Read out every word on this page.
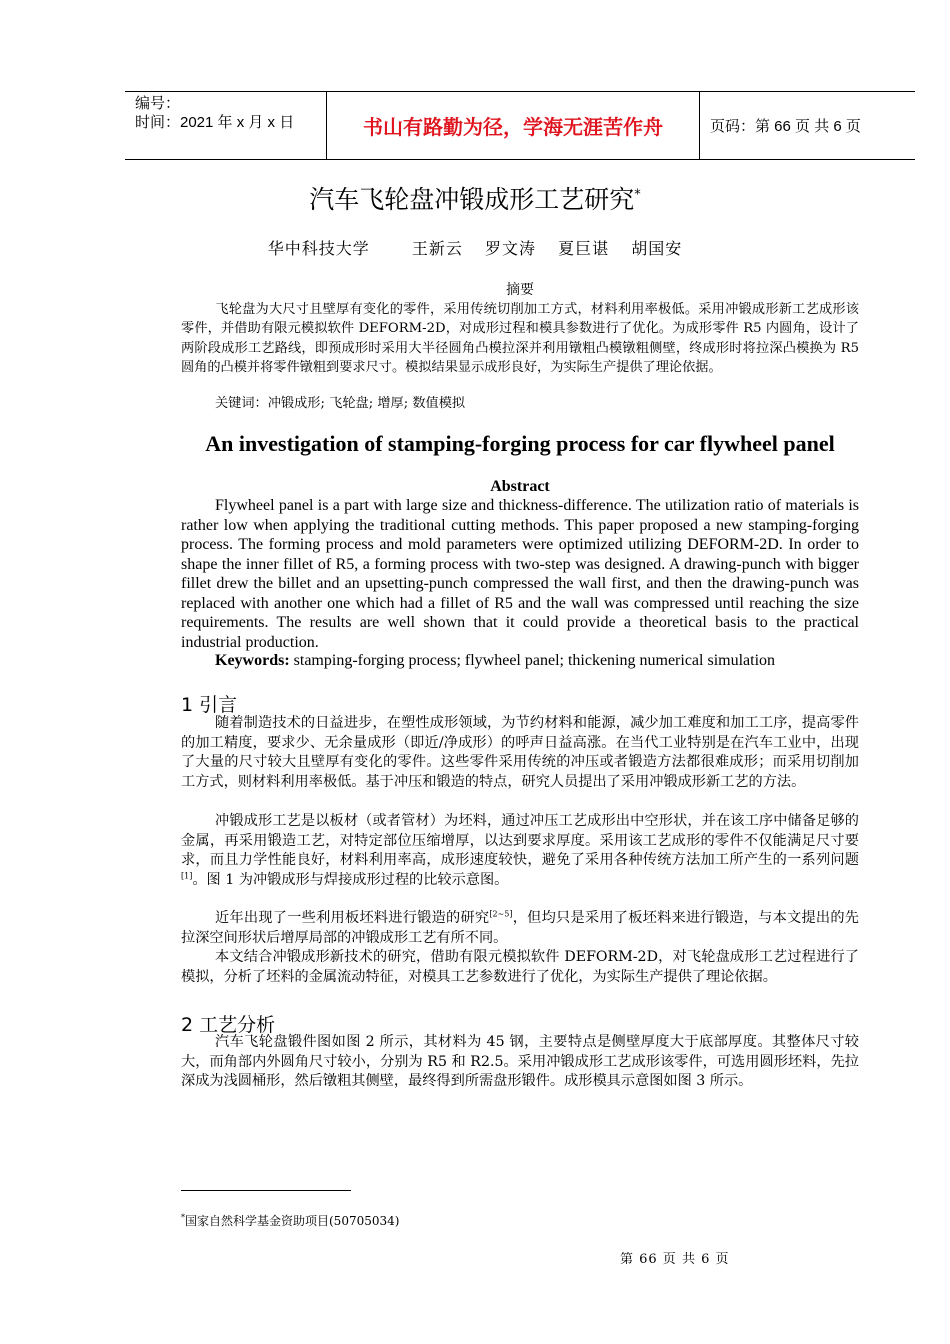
编号：
时间：2021 年 x 月 x 日	书山有路勤为径，学海无涯苦作舟	页码：第 66 页 共 6 页
汽车飞轮盘冲锻成形工艺研究*
华中科技大学	王新云 罗文涛 夏巨谌 胡国安
摘要

飞轮盘为大尺寸且壁厚有变化的零件，采用传统切削加工方式，材料利用率极低。采用冲锻成形新工艺成形该零件，并借助有限元模拟软件 DEFORM-2D，对成形过程和模具参数进行了优化。为成形零件 R5 内圆角，设计了两阶段成形工艺路线，即预成形时采用大半径圆角凸模拉深并利用镦粗凸模镦粗侧壁，终成形时将拉深凸模换为 R5 圆角的凸模并将零件镦粗到要求尺寸。模拟结果显示成形良好，为实际生产提供了理论依据。

关键词：冲锻成形; 飞轮盘; 增厚; 数值模拟
An investigation of stamping-forging process for car flywheel panel
Abstract

Flywheel panel is a part with large size and thickness-difference. The utilization ratio of materials is rather low when applying the traditional cutting methods. This paper proposed a new stamping-forging process. The forming process and mold parameters were optimized utilizing DEFORM-2D. In order to shape the inner fillet of R5, a forming process with two-step was designed. A drawing-punch with bigger fillet drew the billet and an upsetting-punch compressed the wall first, and then the drawing-punch was replaced with another one which had a fillet of R5 and the wall was compressed until reaching the size requirements. The results are well shown that it could provide a theoretical basis to the practical industrial production.

Keywords: stamping-forging process; flywheel panel; thickening numerical simulation
1 引言

随着制造技术的日益进步，在塑性成形领域，为节约材料和能源，减少加工难度和加工工序，提高零件的加工精度，要求少、无余量成形（即近/净成形）的呼声日益高涨。在当代工业特别是在汽车工业中，出现了大量的尺寸较大且壁厚有变化的零件。这些零件采用传统的冲压或者锻造方法都很难成形；而采用切削加工方式，则材料利用率极低。基于冲压和锻造的特点，研究人员提出了采用冲锻成形新工艺的方法。

冲锻成形工艺是以板材（或者管材）为坯料，通过冲压工艺成形出中空形状，并在该工序中储备足够的金属，再采用锻造工艺，对特定部位压缩增厚，以达到要求厚度。采用该工艺成形的零件不仅能满足尺寸要求，而且力学性能良好，材料利用率高，成形速度较快，避免了采用各种传统方法加工所产生的一系列问题[1]。图 1 为冲锻成形与焊接成形过程的比较示意图。

近年出现了一些利用板坯料进行锻造的研究[2~5]，但均只是采用了板坯料来进行锻造，与本文提出的先拉深空间形状后增厚局部的冲锻成形工艺有所不同。

本文结合冲锻成形新技术的研究，借助有限元模拟软件 DEFORM-2D，对飞轮盘成形工艺过程进行了模拟，分析了坯料的金属流动特征，对模具工艺参数进行了优化，为实际生产提供了理论依据。

2 工艺分析

汽车飞轮盘锻件图如图 2 所示，其材料为 45 钢，主要特点是侧壁厚度大于底部厚度。其整体尺寸较大，而角部内外圆角尺寸较小，分别为 R5 和 R2.5。采用冲锻成形工艺成形该零件，可选用圆形坯料，先拉深成为浅圆桶形，然后镦粗其侧壁，最终得到所需盘形锻件。成形模具示意图如图 3 所示。

*国家自然科学基金资助项目(50705034)
第 66 页 共 6 页
